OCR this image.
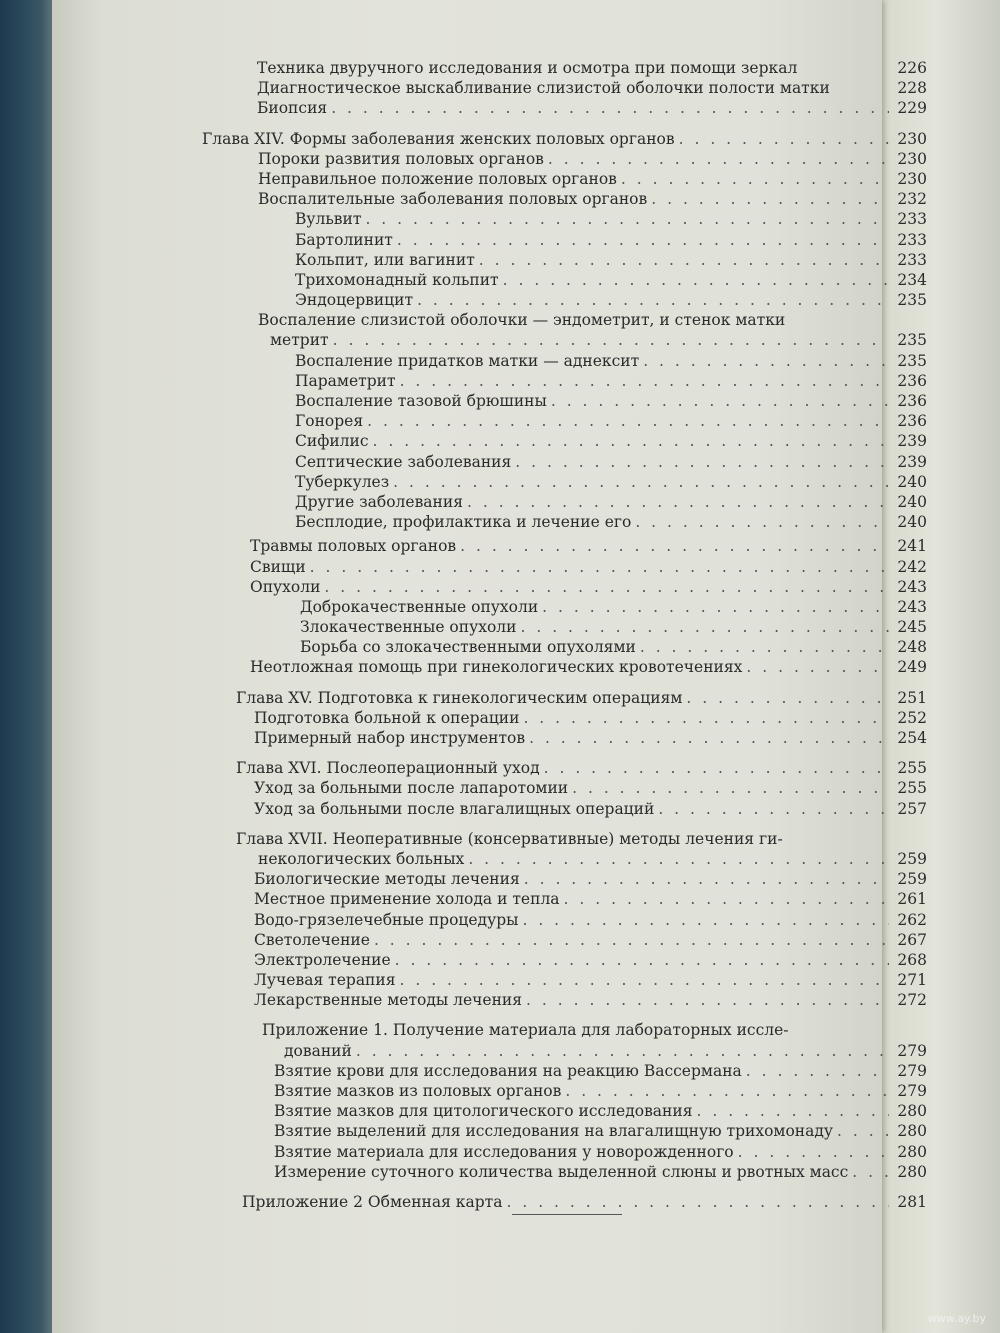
Техника двуручного исследования и осмотра при помощи зеркал	226
Диагностическое выскабливание слизистой оболочки полости матки	228
Биопсия . . .	229
Глава XIV. Формы заболевания женских половых органов . . .	230
Пороки развития половых органов . . .	230
Неправильное положение половых органов . . .	230
Воспалительные заболевания половых органов . . .	232
Вульвит . . .	233
Бартолинит . . .	233
Кольпит, или вагинит . . .	233
Трихомонадный кольпит . . .	234
Эндоцервицит . . .	235
Воспаление слизистой оболочки — эндометрит, и стенок матки
метрит . . .	235
Воспаление придатков матки — аднексит . . .	235
Параметрит . . .	236
Воспаление тазовой брюшины . . .	236
Гонорея . . .	236
Сифилис . . .	239
Септические заболевания . . .	239
Туберкулез . . .	240
Другие заболевания . . .	240
Бесплодие, профилактика и лечение его . . .	240
Травмы половых органов . . .	241
Свищи . . .	242
Опухоли . . .	243
Доброкачественные опухоли . . .	243
Злокачественные опухоли . . .	245
Борьба со злокачественными опухолями . . .	248
Неотложная помощь при гинекологических кровотечениях . . .	249
Глава XV. Подготовка к гинекологическим операциям . . .	251
Подготовка больной к операции . . .	252
Примерный набор инструментов . . .	254
Глава XVI. Послеоперационный уход . . .	255
Уход за больными после лапаротомии . . .	255
Уход за больными после влагалищных операций . . .	257
Глава XVII. Неоперативные (консервативные) методы лечения ги-
некологических больных . . .	259
Биологические методы лечения . . .	259
Местное применение холода и тепла . . .	261
Водо-грязелечебные процедуры . . .	262
Светолечение . . .	267
Электролечение . . .	268
Лучевая терапия . . .	271
Лекарственные методы лечения . . .	272
Приложение 1. Получение материала для лабораторных иссле-
дований . . .	279
Взятие крови для исследования на реакцию Вассермана . . .	279
Взятие мазков из половых органов . . .	279
Взятие мазков для цитологического исследования . . .	280
Взятие выделений для исследования на влагалищную трихомонаду . . .	280
Взятие материала для исследования у новорожденного . . .	280
Измерение суточного количества выделенной слюны и рвотных масс . . .	280
Приложение 2 Обменная карта . . .	281
www.ay.by
